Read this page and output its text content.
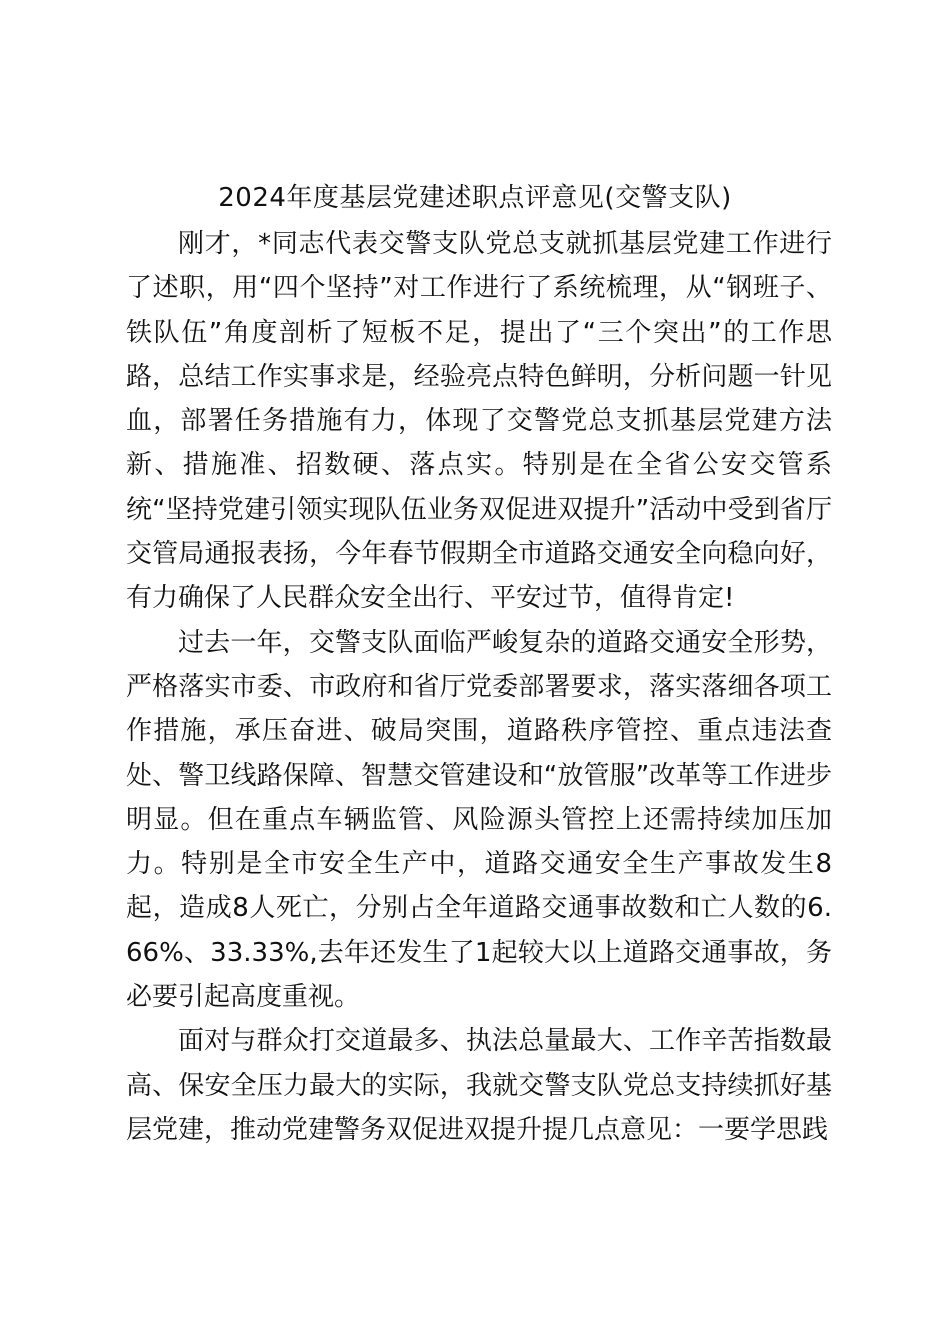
2024年度基层党建述职点评意见(交警支队)

刚才，*同志代表交警支队党总支就抓基层党建工作进行了述职，用“四个坚持”对工作进行了系统梳理，从“钢班子、铁队伍”角度剖析了短板不足，提出了“三个突出”的工作思路，总结工作实事求是，经验亮点特色鲜明，分析问题一针见血，部署任务措施有力，体现了交警党总支抓基层党建方法新、措施准、招数硬、落点实。特别是在全省公安交管系统“坚持党建引领实现队伍业务双促进双提升”活动中受到省厅交管局通报表扬，今年春节假期全市道路交通安全向稳向好，有力确保了人民群众安全出行、平安过节，值得肯定!

过去一年，交警支队面临严峻复杂的道路交通安全形势，严格落实市委、市政府和省厅党委部署要求，落实落细各项工作措施，承压奋进、破局突围，道路秩序管控、重点违法查处、警卫线路保障、智慧交管建设和“放管服”改革等工作进步明显。但在重点车辆监管、风险源头管控上还需持续加压加力。特别是全市安全生产中，道路交通安全生产事故发生8起，造成8人死亡，分别占全年道路交通事故数和亡人数的6.66%、33.33%,去年还发生了1起较大以上道路交通事故，务必要引起高度重视。

面对与群众打交道最多、执法总量最大、工作辛苦指数最高、保安全压力最大的实际，我就交警支队党总支持续抓好基层党建，推动党建警务双促进双提升提几点意见：一要学思践
